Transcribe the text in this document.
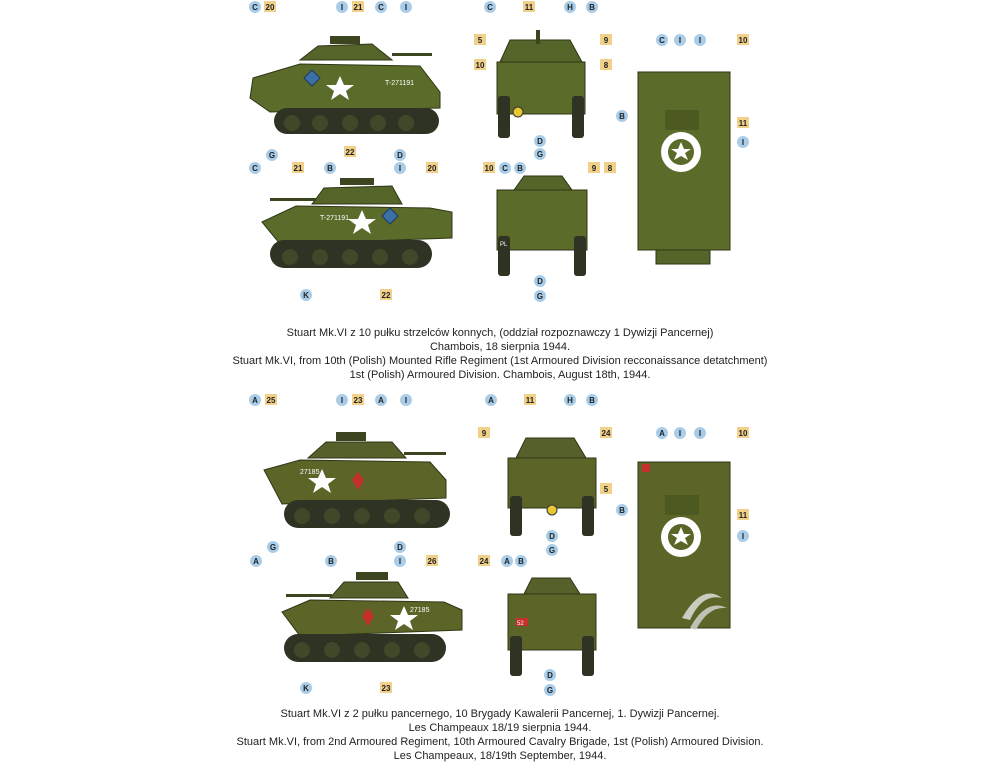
T-271191
T-271191
PL
27185
27185
52
C 20	I 21 C	I
G	22	D
C	21	B	I	20
K	22
C	11	H B
5
10
D
G
10 C B	9 8
D
G
9
8
C I I	10
B
11
I
A 25	I 23 A	I
G	D
A	B	I	26
K	23
A	11	H B
9	24
5
D
G
24 A B
D
G
A I I	10
B
11
I
Stuart Mk.VI z 10 pułku strzelców konnych, (oddział rozpoznawczy 1 Dywizji Pancernej)
Chambois, 18 sierpnia 1944.
Stuart Mk.VI, from 10th (Polish) Mounted Rifle Regiment (1st Armoured Division recconaissance detatchment)
1st (Polish) Armoured Division. Chambois, August 18th, 1944.
Stuart Mk.VI z 2 pułku pancernego, 10 Brygady Kawalerii Pancernej, 1. Dywizji Pancernej.
Les Champeaux 18/19 sierpnia 1944.
Stuart Mk.VI, from 2nd Armoured Regiment, 10th Armoured Cavalry Brigade, 1st (Polish) Armoured Division.
Les Champeaux, 18/19th September, 1944.
